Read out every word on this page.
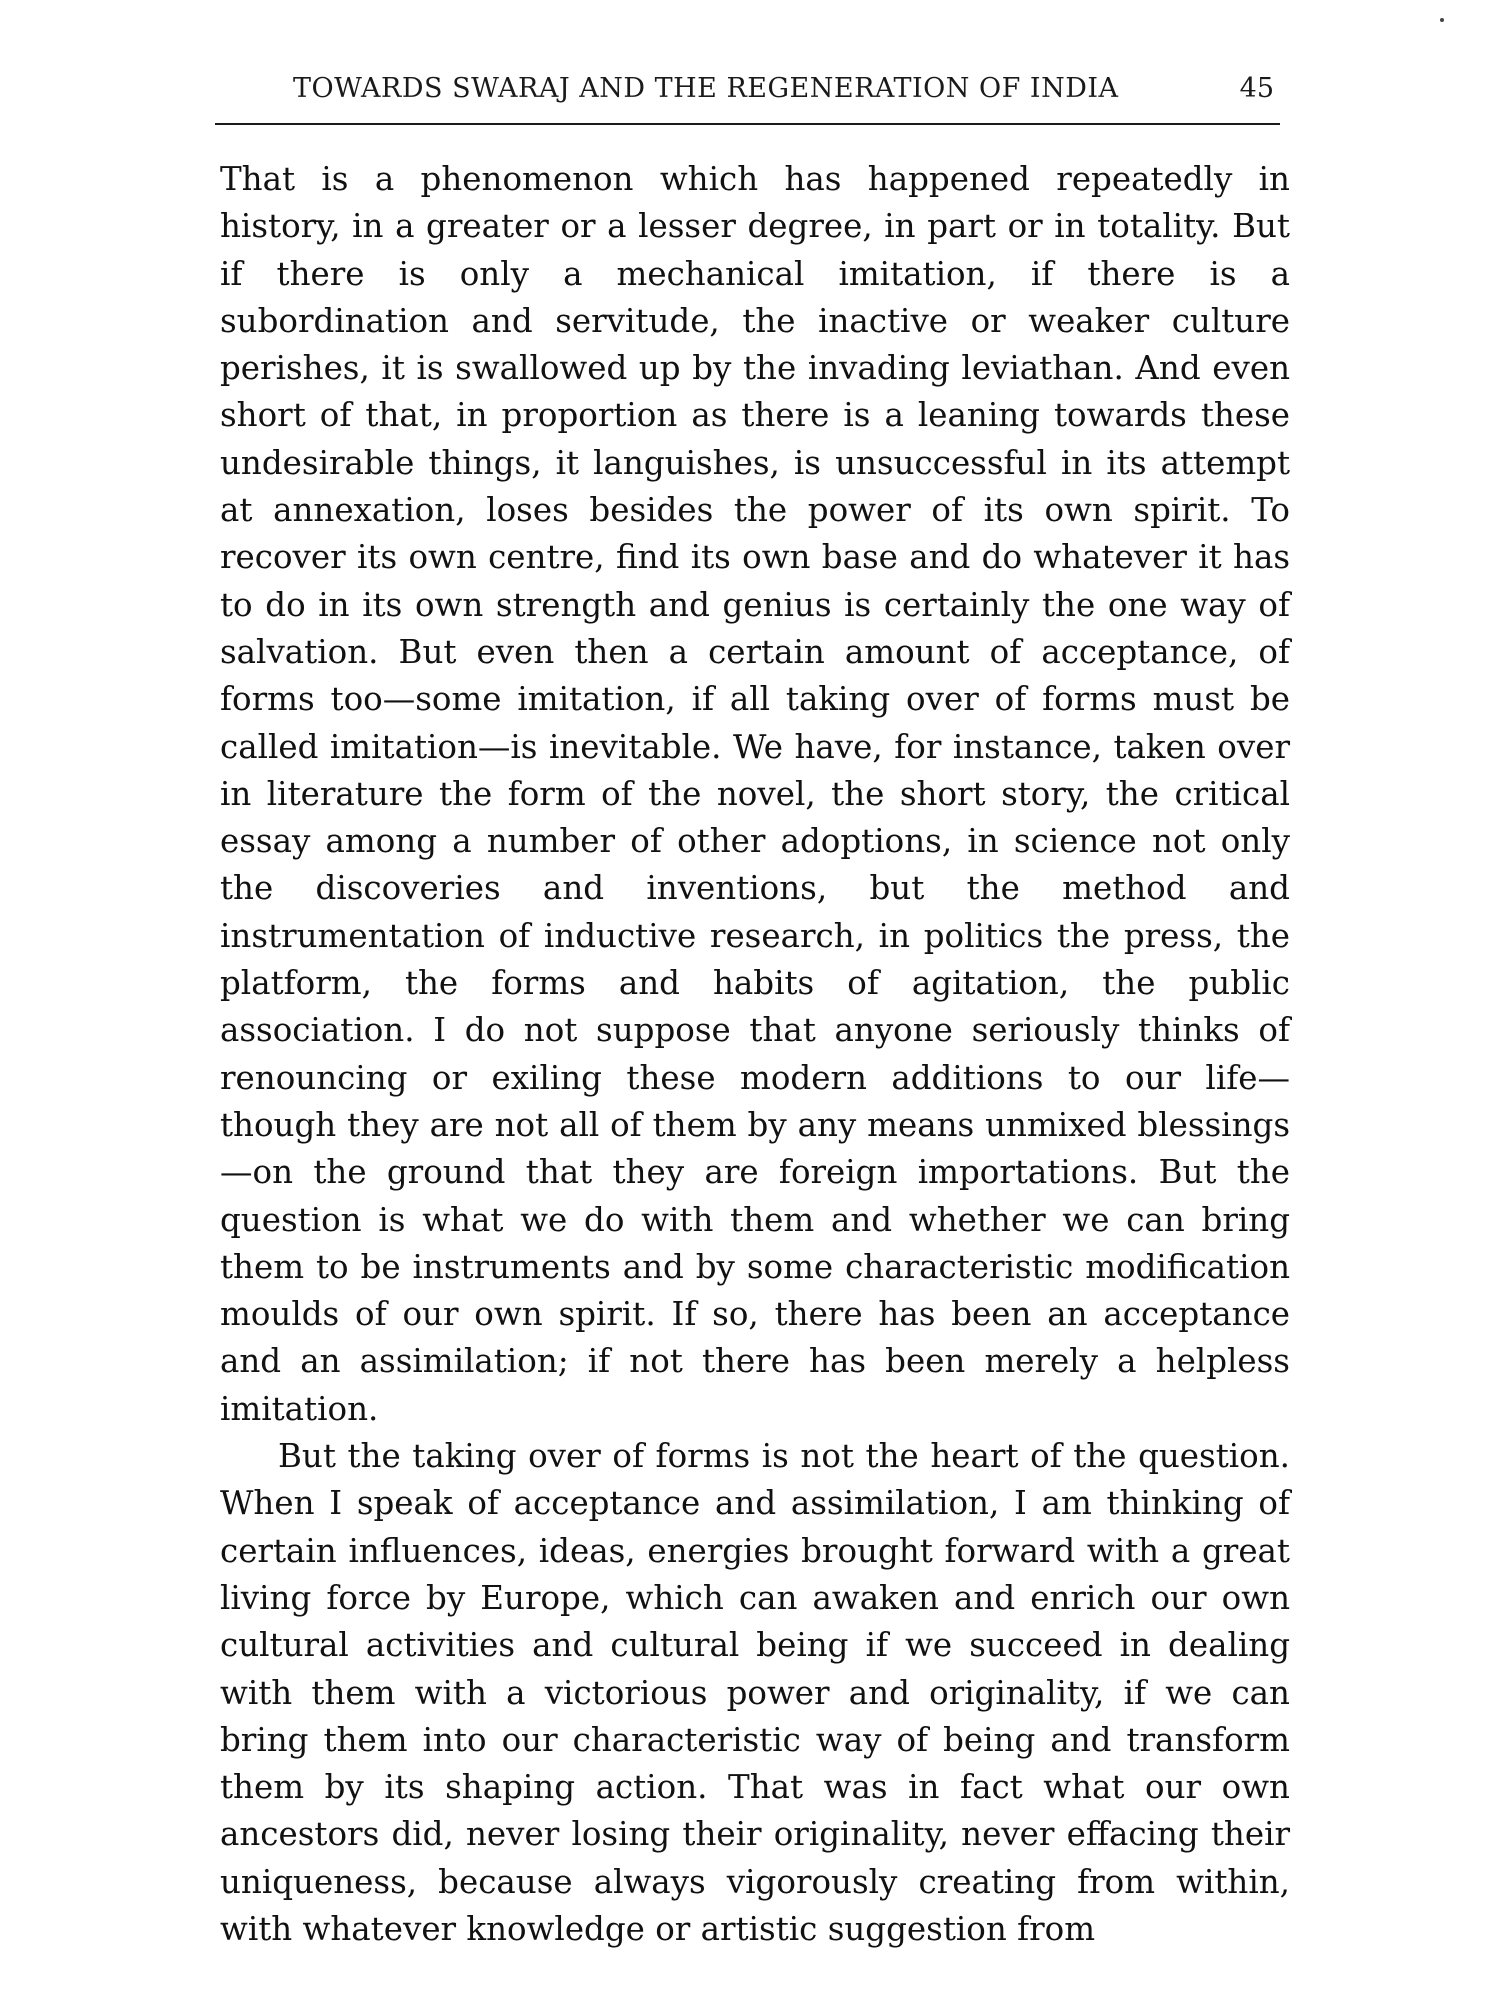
TOWARDS SWARAJ AND THE REGENERATION OF INDIA	45

That is a phenomenon which has happened repeatedly in history, in a greater or a lesser degree, in part or in totality. But if there is only a mechanical imitation, if there is a subordination and servitude, the inactive or weaker culture perishes, it is swallowed up by the invading leviathan. And even short of that, in proportion as there is a leaning towards these undesirable things, it languishes, is unsuccessful in its attempt at annexation, loses besides the power of its own spirit. To recover its own centre, find its own base and do whatever it has to do in its own strength and genius is certainly the one way of salvation. But even then a certain amount of acceptance, of forms too—some imitation, if all taking over of forms must be called imitation—is inevitable. We have, for instance, taken over in literature the form of the novel, the short story, the critical essay among a number of other adoptions, in science not only the discoveries and inventions, but the method and instrumentation of inductive research, in politics the press, the platform, the forms and habits of agitation, the public association. I do not suppose that anyone seriously thinks of renouncing or exiling these modern additions to our life—though they are not all of them by any means unmixed blessings—on the ground that they are foreign importations. But the question is what we do with them and whether we can bring them to be instruments and by some characteristic modification moulds of our own spirit. If so, there has been an acceptance and an assimilation; if not there has been merely a helpless imitation.

But the taking over of forms is not the heart of the question. When I speak of acceptance and assimilation, I am thinking of certain influences, ideas, energies brought forward with a great living force by Europe, which can awaken and enrich our own cultural activities and cultural being if we succeed in dealing with them with a victorious power and originality, if we can bring them into our characteristic way of being and transform them by its shaping action. That was in fact what our own ancestors did, never losing their originality, never effacing their uniqueness, because always vigorously creating from within, with whatever knowledge or artistic suggestion from
